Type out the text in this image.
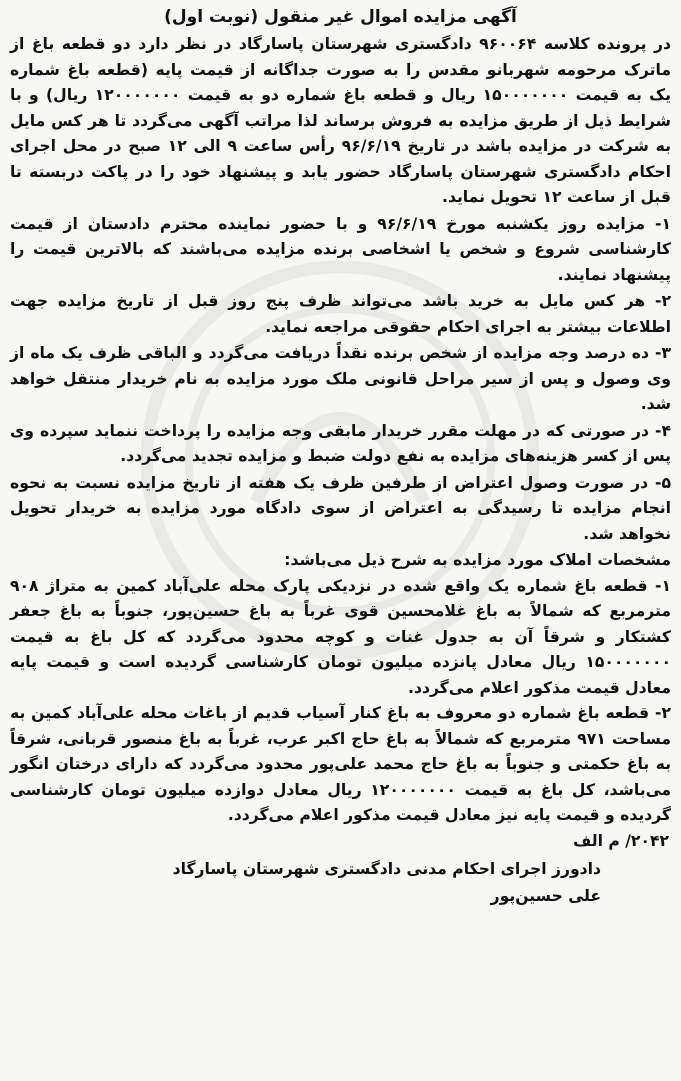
آگهی مزایده اموال غیر منقول (نوبت اول)

در پرونده کلاسه ۹۶۰۰۶۴ دادگستری شهرستان پاسارگاد در نظر دارد دو قطعه باغ از ماترک مرحومه شهربانو مقدس را به صورت جداگانه از قیمت پایه (قطعه باغ شماره یک به قیمت ۱۵۰۰۰۰۰۰۰ ریال و قطعه باغ شماره دو به قیمت ۱۲۰۰۰۰۰۰۰ ریال) و با شرایط ذیل از طریق مزایده به فروش برساند لذا مراتب آگهی می‌گردد تا هر کس مایل به شرکت در مزایده باشد در تاریخ ۹۶/۶/۱۹ رأس ساعت ۹ الی ۱۲ صبح در محل اجرای احکام دادگستری شهرستان پاسارگاد حضور یابد و پیشنهاد خود را در پاکت دربسته تا قبل از ساعت ۱۲ تحویل نماید.

۱- مزایده روز یکشنبه مورخ ۹۶/۶/۱۹ و با حضور نماینده محترم دادستان از قیمت کارشناسی شروع و شخص یا اشخاصی برنده مزایده می‌باشند که بالاترین قیمت را پیشنهاد نمایند.

۲- هر کس مایل به خرید باشد می‌تواند ظرف پنج روز قبل از تاریخ مزایده جهت اطلاعات بیشتر به اجرای احکام حقوقی مراجعه نماید.

۳- ده درصد وجه مزایده از شخص برنده نقداً دریافت می‌گردد و الباقی ظرف یک ماه از وی وصول و پس از سیر مراحل قانونی ملک مورد مزایده به نام خریدار منتقل خواهد شد.

۴- در صورتی که در مهلت مقرر خریدار مابقی وجه مزایده را پرداخت ننماید سپرده وی پس از کسر هزینه‌های مزایده به نفع دولت ضبط و مزایده تجدید می‌گردد.

۵- در صورت وصول اعتراض از طرفین ظرف یک هفته از تاریخ مزایده نسبت به نحوه انجام مزایده تا رسیدگی به اعتراض از سوی دادگاه مورد مزایده به خریدار تحویل نخواهد شد.

مشخصات املاک مورد مزایده به شرح ذیل می‌باشد:

۱- قطعه باغ شماره یک واقع شده در نزدیکی پارک محله علی‌آباد کمین به متراژ ۹۰۸ مترمربع که شمالاً به باغ غلامحسین قوی غرباً به باغ حسین‌پور، جنوباً به باغ جعفر کشتکار و شرقاً آن به جدول غنات و کوچه محدود می‌گردد که کل باغ به قیمت ۱۵۰۰۰۰۰۰۰ ریال معادل پانزده میلیون تومان کارشناسی گردیده است و قیمت پایه معادل قیمت مذکور اعلام می‌گردد.

۲- قطعه باغ شماره دو معروف به باغ کنار آسیاب قدیم از باغات محله علی‌آباد کمین به مساحت ۹۷۱ مترمربع که شمالاً به باغ حاج اکبر عرب، غرباً به باغ منصور قربانی، شرقاً به باغ حکمتی و جنوباً به باغ حاج محمد علی‌پور محدود می‌گردد که دارای درختان انگور می‌باشد، کل باغ به قیمت ۱۲۰۰۰۰۰۰۰ ریال معادل دوازده میلیون تومان کارشناسی گردیده و قیمت پایه نیز معادل قیمت مذکور اعلام می‌گردد.

۲۰۴۲/ م الف
دادورز اجرای احکام مدنی دادگستری شهرستان پاسارگاد
علی حسین‌پور
